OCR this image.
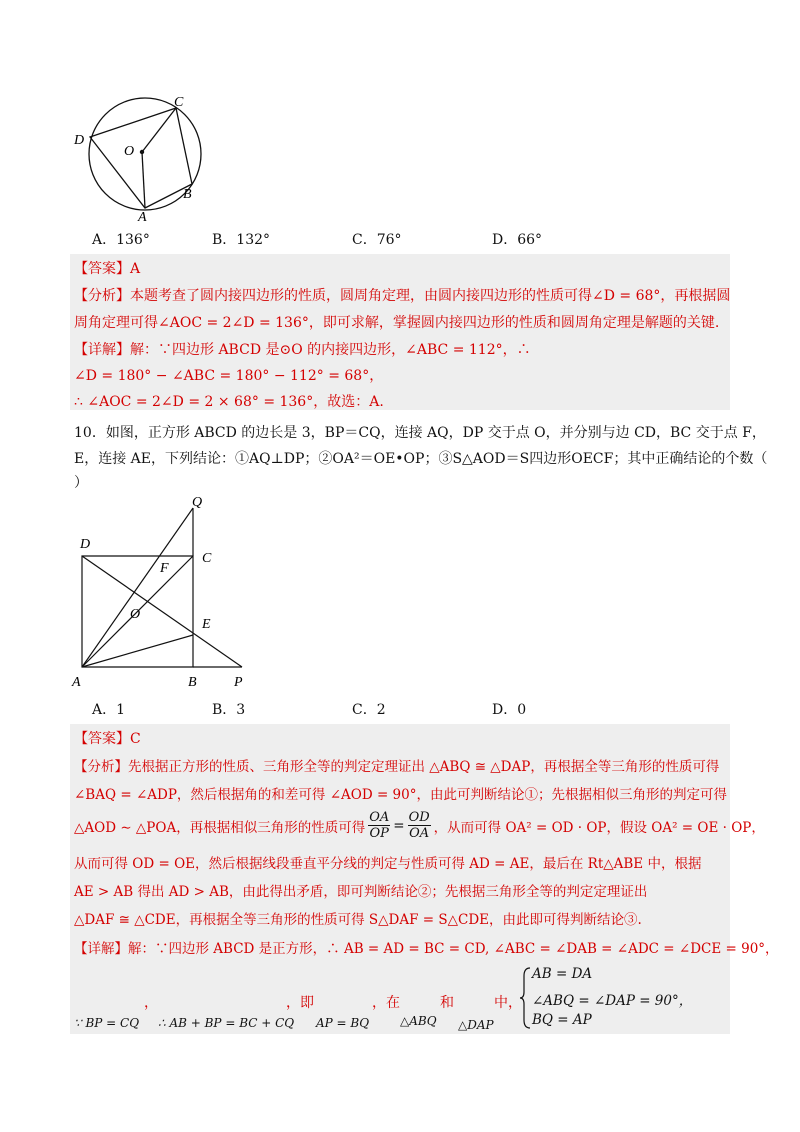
C
D
O
B
A
A．136°	B．132°	C．76°	D．66°
【答案】A
【分析】本题考查了圆内接四边形的性质，圆周角定理，由圆内接四边形的性质可得∠D = 68°，再根据圆
周角定理可得∠AOC = 2∠D = 136°，即可求解，掌握圆内接四边形的性质和圆周角定理是解题的关键.
【详解】解：∵四边形 ABCD 是⊙O 的内接四边形，∠ABC = 112°，∴
∠D = 180° − ∠ABC = 180° − 112° = 68°，
∴ ∠AOC = 2∠D = 2 × 68° = 136°，故选：A.
10．如图，正方形 ABCD 的边长是 3，BP＝CQ，连接 AQ，DP 交于点 O，并分别与边 CD，BC 交于点 F，
E，连接 AE，下列结论：①AQ⊥DP；②OA²＝OE•OP；③S△AOD＝S四边形OECF；其中正确结论的个数（
）
Q
D
C
F
O
E
A	B	P
A．1	B．3	C．2	D．0
【答案】C
【分析】先根据正方形的性质、三角形全等的判定定理证出 △ABQ ≅ △DAP，再根据全等三角形的性质可得
∠BAQ = ∠ADP，然后根据角的和差可得 ∠AOD = 90°，由此可判断结论①；先根据相似三角形的判定可得
△AOD ∼ △POA，再根据相似三角形的性质可得 $\frac{OA}{OP} = \frac{OD}{OA}$ ，从而可得 OA² = OD · OP，假设 OA² = OE · OP，
从而可得 OD = OE，然后根据线段垂直平分线的判定与性质可得 AD = AE，最后在 Rt△ABE 中，根据
AE > AB 得出 AD > AB，由此得出矛盾，即可判断结论②；先根据三角形全等的判定定理证出
△DAF ≅ △CDE，再根据全等三角形的性质可得 S△DAF = S△CDE，由此即可得判断结论③.
【详解】解：∵四边形 ABCD 是正方形，∴ AB = AD = BC = CD, ∠ABC = ∠DAB = ∠ADC = ∠DCE = 90°，
，	，即	，在	和	中，
∵ BP = CQ ∴ AB + BP = BC + CQ AP = BQ	△ABQ △DAP
AB = DA
∠ABQ = ∠DAP = 90°，
BQ = AP
